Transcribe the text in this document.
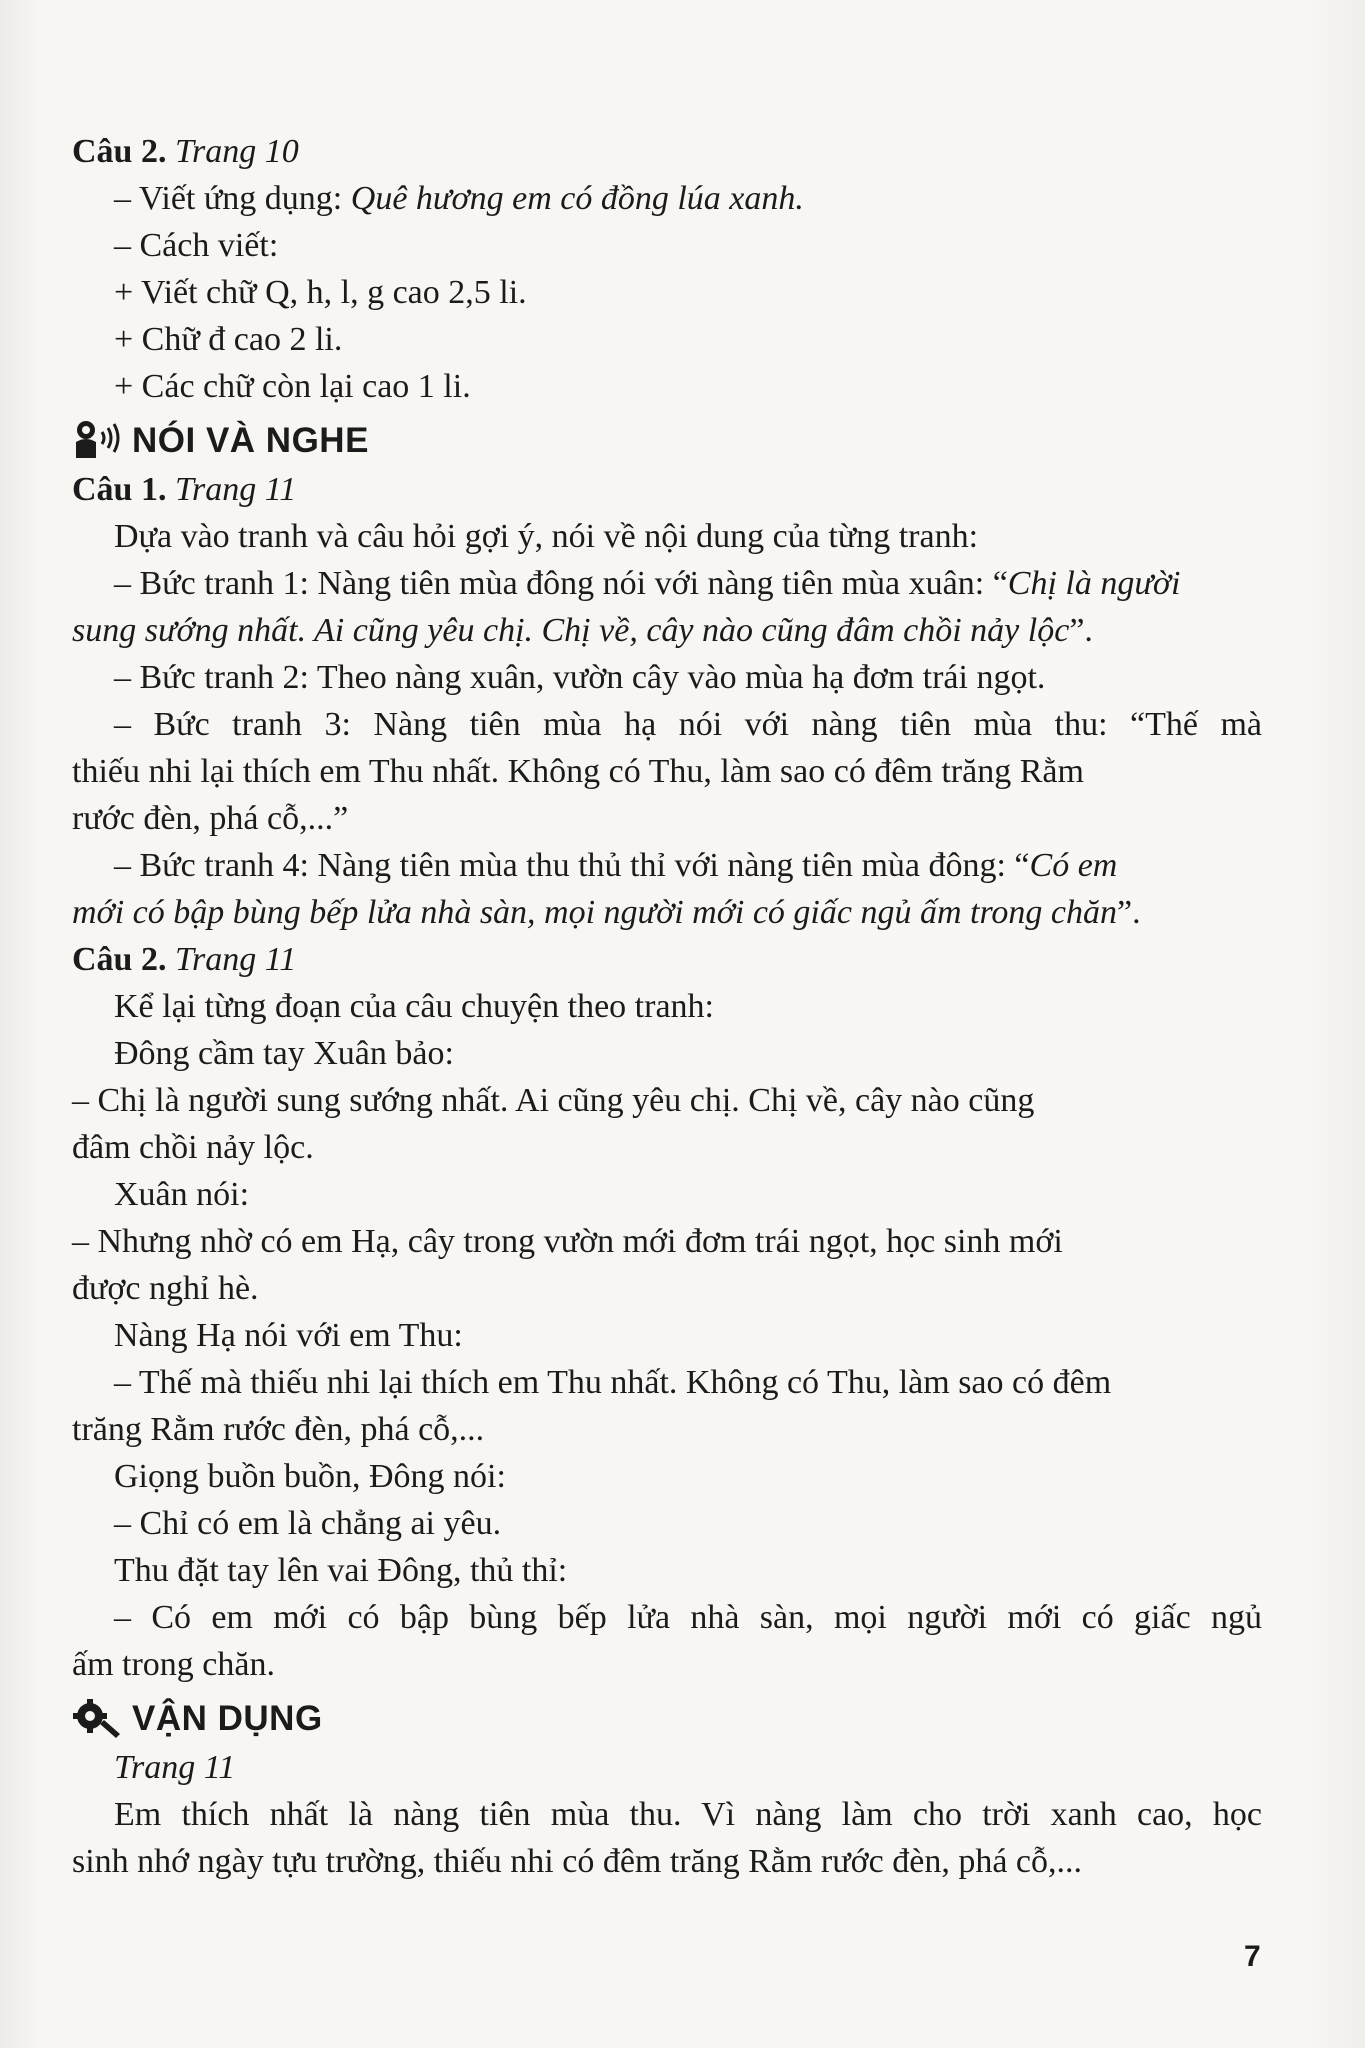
Câu 2. Trang 10
– Viết ứng dụng: Quê hương em có đồng lúa xanh.
– Cách viết:
+ Viết chữ Q, h, l, g cao 2,5 li.
+ Chữ đ cao 2 li.
+ Các chữ còn lại cao 1 li.
NÓI VÀ NGHE
Câu 1. Trang 11
Dựa vào tranh và câu hỏi gợi ý, nói về nội dung của từng tranh:
– Bức tranh 1: Nàng tiên mùa đông nói với nàng tiên mùa xuân: “Chị là người
sung sướng nhất. Ai cũng yêu chị. Chị về, cây nào cũng đâm chồi nảy lộc”.
– Bức tranh 2: Theo nàng xuân, vườn cây vào mùa hạ đơm trái ngọt.
– Bức tranh 3: Nàng tiên mùa hạ nói với nàng tiên mùa thu: “Thế mà
thiếu nhi lại thích em Thu nhất. Không có Thu, làm sao có đêm trăng Rằm
rước đèn, phá cỗ,...”
– Bức tranh 4: Nàng tiên mùa thu thủ thỉ với nàng tiên mùa đông: “Có em
mới có bập bùng bếp lửa nhà sàn, mọi người mới có giấc ngủ ấm trong chăn”.
Câu 2. Trang 11
Kể lại từng đoạn của câu chuyện theo tranh:
Đông cầm tay Xuân bảo:
– Chị là người sung sướng nhất. Ai cũng yêu chị. Chị về, cây nào cũng
đâm chồi nảy lộc.
Xuân nói:
– Nhưng nhờ có em Hạ, cây trong vườn mới đơm trái ngọt, học sinh mới
được nghỉ hè.
Nàng Hạ nói với em Thu:
– Thế mà thiếu nhi lại thích em Thu nhất. Không có Thu, làm sao có đêm
trăng Rằm rước đèn, phá cỗ,...
Giọng buồn buồn, Đông nói:
– Chỉ có em là chẳng ai yêu.
Thu đặt tay lên vai Đông, thủ thỉ:
– Có em mới có bập bùng bếp lửa nhà sàn, mọi người mới có giấc ngủ
ấm trong chăn.
VẬN DỤNG
Trang 11
Em thích nhất là nàng tiên mùa thu. Vì nàng làm cho trời xanh cao, học
sinh nhớ ngày tựu trường, thiếu nhi có đêm trăng Rằm rước đèn, phá cỗ,...
7
